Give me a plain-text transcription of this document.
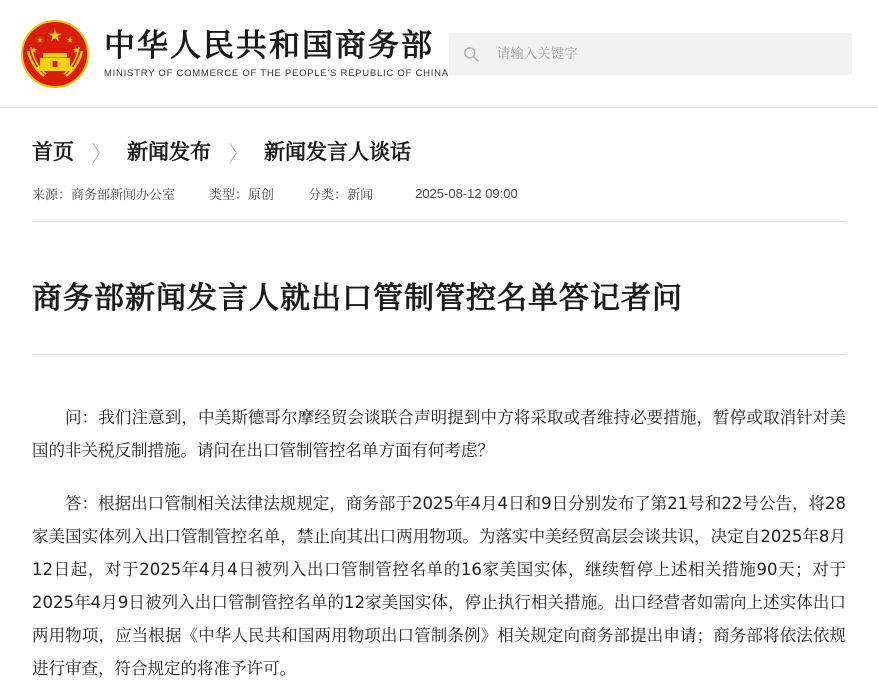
中华人民共和国商务部
MINISTRY OF COMMERCE OF THE PEOPLE'S REPUBLIC OF CHINA
请输入关键字
首页 〉 新闻发布 〉 新闻发言人谈话
来源：商务部新闻办公室	类型：原创	分类：新闻	2025-08-12 09:00
商务部新闻发言人就出口管制管控名单答记者问

问：我们注意到，中美斯德哥尔摩经贸会谈联合声明提到中方将采取或者维持必要措施，暂停或取消针对美国的非关税反制措施。请问在出口管制管控名单方面有何考虑？

答：根据出口管制相关法律法规规定，商务部于2025年4月4日和9日分别发布了第21号和22号公告，将28家美国实体列入出口管制管控名单，禁止向其出口两用物项。为落实中美经贸高层会谈共识，决定自2025年8月12日起，对于2025年4月4日被列入出口管制管控名单的16家美国实体，继续暂停上述相关措施90天；对于2025年4月9日被列入出口管制管控名单的12家美国实体，停止执行相关措施。出口经营者如需向上述实体出口两用物项，应当根据《中华人民共和国两用物项出口管制条例》相关规定向商务部提出申请；商务部将依法依规进行审查，符合规定的将准予许可。
